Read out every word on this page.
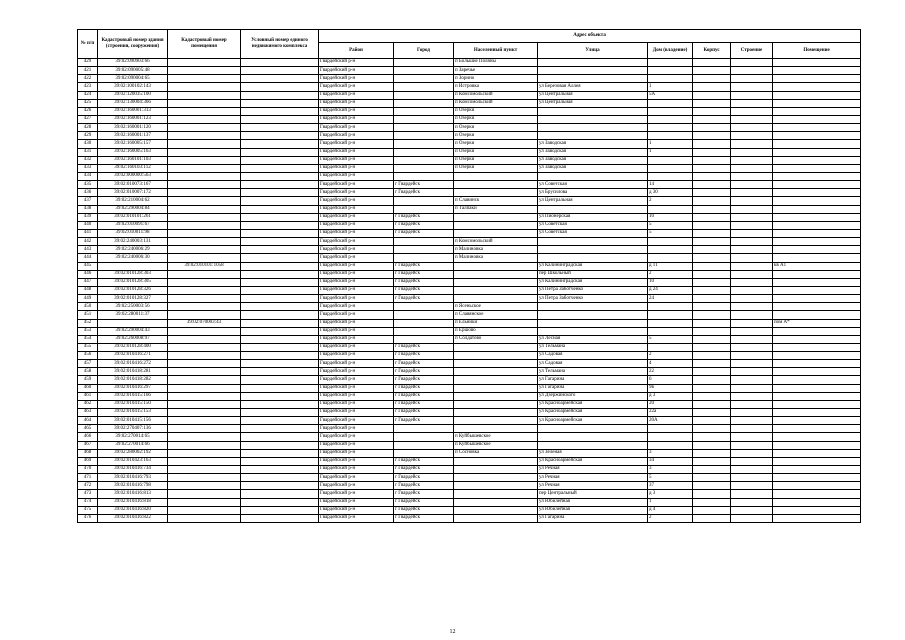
№ п/п	Кадастровый номер здания (строения, сооружения)	Кадастровый номер помещения	Условный номер единого недвижимого комплекса	Адрес объекта							
				Район	Город	Населенный пункт	Улица	Дом (владение)	Корпус	Строение	Помещение
429	39:02:090903:66			Гвардейский р-н		п Большие Поляны					
421	39:02:090005:48			Гвардейский р-н		п Заречье					
422	39:02:090004:65			Гвардейский р-н		п Зорино					
423	39:02:100102:143			Гвардейский р-н		п Истровка	ул Березовая Аллея	1			
424	39:02:120035:100			Гвардейский р-н		п Комсомольский	ул Центральная	5А			
425	39:02:130004:366			Гвардейский р-н		п Комсомольский	ул Центральная				
426	39:02:160001:313			Гвардейский р-н		п Озерки					
427	39:02:160001:123			Гвардейский р-н		п Озерки					
428	39:02:160001:120			Гвардейский р-н		п Озерки					
429	39:02:160001:137			Гвардейский р-н		п Озерки					
430	39:02:160005:157			Гвардейский р-н		п Озерки	ул Заводская	1			
431	39:02:160005:163			Гвардейский р-н		п Озерки	ул Заводская	1			
432	39:02:160101:103			Гвардейский р-н		п Озерки	ул Заводская				
433	39:02:160103:112			Гвардейский р-н		п Озерки	ул Заводская				
434	39:02:000000:563			Гвардейский р-н							
435	39:02:010073:167			Гвардейский р-н	г Гвардейск		ул Советская	14			
436	39:02:010007:172			Гвардейский р-н	г Гвардейск		ул Брусилова	д 30			
437	39:02:210004:62			Гвардейский р-н		п Славинск	ул Центральная	2			
438	39:02:290004:84			Гвардейский р-н		п Талпаки					
439	39:02:010101:261			Гвардейский р-н	г Гвардейск		ул Пионерская	10			
440	39:02:010091:67			Гвардейский р-н	г Гвардейск		ул Советская	5			
441	39:02:010011:98			Гвардейский р-н	г Гвардейск		ул Советская	5			
442	39:02:240003:131			Гвардейский р-н		п Комсомольский					
443	39:02:240006:29			Гвардейский р-н		п Малиновка					
444	39:02:240006:30			Гвардейский р-н		п Малиновка					
445		39:02:010101:1058		Гвардейский р-н	г Гвардейск		ул Калининградская	д 11			кв А1
446	39:02:010128:303			Гвардейский р-н	г Гвардейск		пер Школьный	2			
447	39:02:010128:305			Гвардейский р-н	г Гвардейск		ул Калининградская	10			
448	39:02:010128:326			Гвардейский р-н	г Гвардейск		ул Петра Заботченко	д 24			
449	39:02:010128:327			Гвардейский р-н	г Гвардейск		ул Петра Заботченко	24			
450	39:02:250003:56			Гвардейский р-н		п Ясеньское					
451	39:02:280011:37			Гвардейский р-н		п Славянское					
452		39:02:070003:43		Гвардейский р-н		п Ельники					пом А*
453	39:02:290004:43			Гвардейский р-н		п Ершово					
454	39:02:260008:97			Гвардейский р-н		п Солдатово	ул Лесная	5			
455	39:02:010128:400			Гвардейский р-н	г Гвардейск		ул Тельмана				
456	39:02:010416:271			Гвардейский р-н	г Гвардейск		ул Садовая	2			
457	39:02:010416:272			Гвардейский р-н	г Гвардейск		ул Садовая	4			
458	39:02:010418:281			Гвардейский р-н	г Гвардейск		ул Тельмана	22			
459	39:02:010418:282			Гвардейский р-н	г Гвардейск		ул Гагарина	6			
460	39:02:010416:297			Гвардейский р-н	г Гвардейск		ул Гагарина	9в			
461	39:02:010415:166			Гвардейский р-н	г Гвардейск		ул Дзержинского	д 3			
462	39:02:010415:150			Гвардейский р-н	г Гвардейск		ул Красноармейская	20			
463	39:02:010415:153			Гвардейский р-н	г Гвардейск		ул Красноармейская	22а			
464	39:02:010415:156			Гвардейский р-н	г Гвардейск		ул Красноармейская	20А			
465	39:02:270407:136			Гвардейский р-н							
466	39:02:270014:65			Гвардейский р-н		п Куйбышевское					
467	39:02:270014:66			Гвардейский р-н		п Куйбышевское					
468	39:02:280002:192			Гвардейский р-н		п Сосновка	ул Зеленая	3			
469	39:02:010423:163			Гвардейский р-н	г Гвардейск		ул Красноармейская	34			
470	39:02:010416:734			Гвардейский р-н	г Гвардейск		ул Речная	3			
471	39:02:010416:793			Гвардейский р-н	г Гвардейск		ул Речная	5			
472	39:02:010416:798			Гвардейский р-н	г Гвардейск		ул Речная	37			
473	39:02:010416:813			Гвардейский р-н	г Гвардейск		пер Центральный	д 3			
474	39:02:010416:818			Гвардейский р-н	г Гвардейск		ул Юбилейная	1			
475	39:02:010416:820			Гвардейский р-н	г Гвардейск		ул Юбилейная	д 4			
476	39:02:010416:822			Гвардейский р-н	г Гвардейск		ул Гагарина	2			
12
